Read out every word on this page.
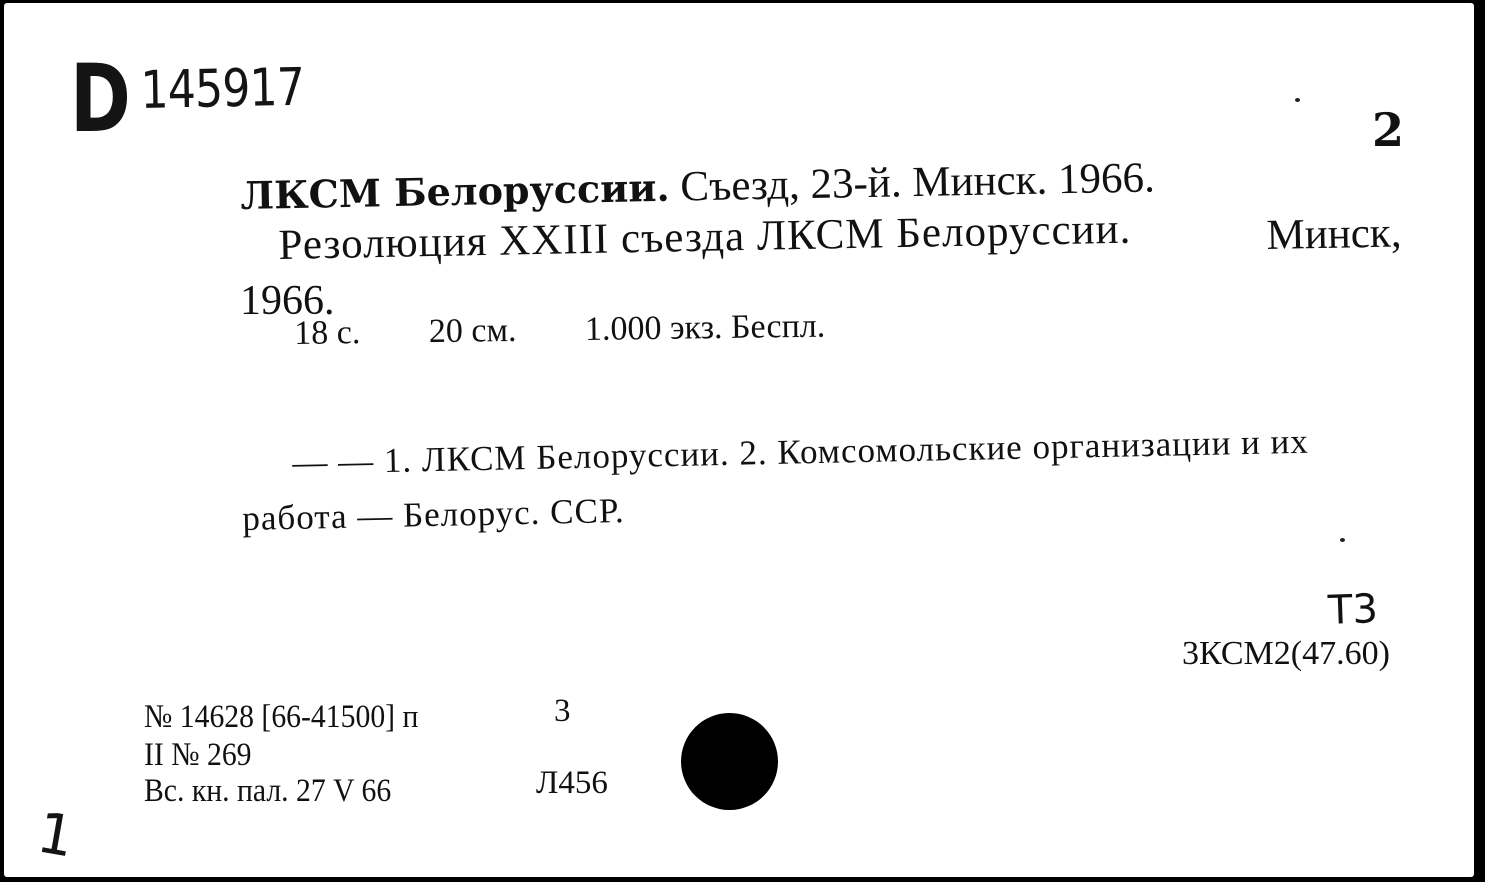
D 145917
2
ЛКСМ Белоруссии. Съезд, 23-й. Минск. 1966.
Резолюция XXIII съезда ЛКСМ Белоруссии.	Минск,
1966.
18 с. 20 см. 1.000 экз. Беспл.
— — 1. ЛКСМ Белоруссии. 2. Комсомольские организации и их
работа — Белорус. ССР.
Т3
3КСМ2(47.60)
№ 14628 [66-41500] п	3
II № 269
Вс. кн. пал. 27 V 66	Л456
1
